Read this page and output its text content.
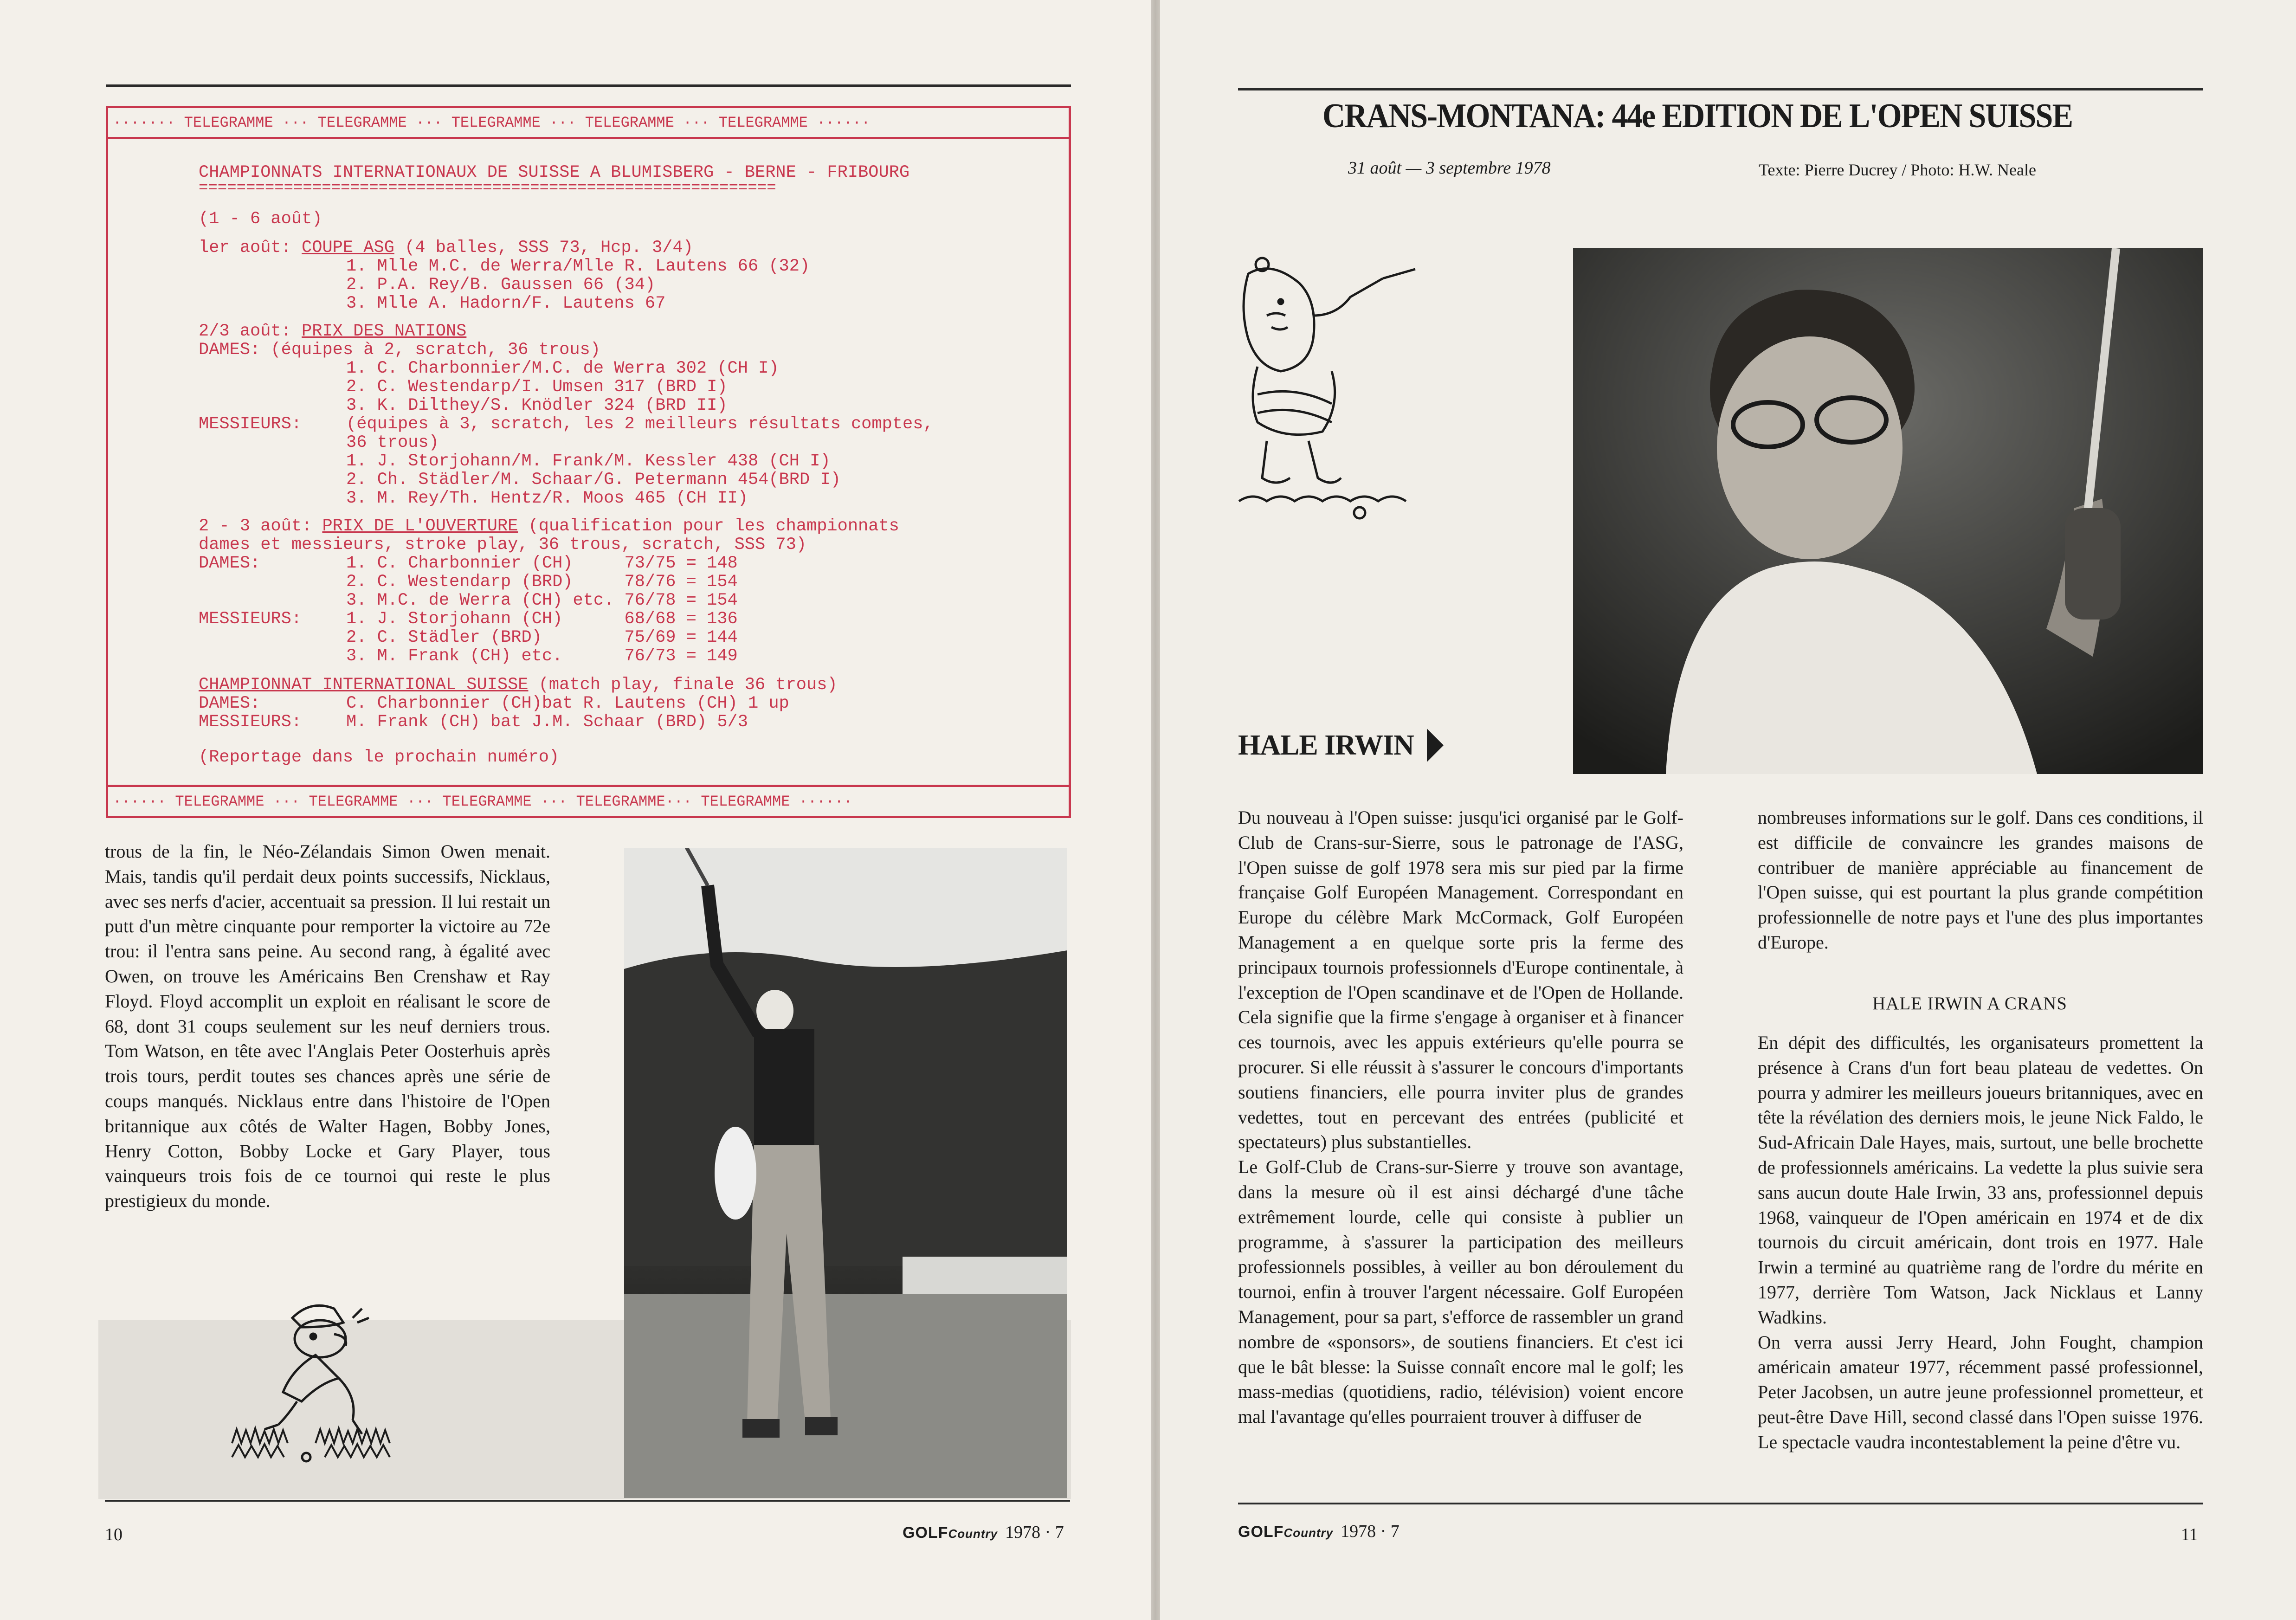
······· TELEGRAMME ··· TELEGRAMME ··· TELEGRAMME ··· TELEGRAMME ··· TELEGRAMME ······
CHAMPIONNATS INTERNATIONAUX DE SUISSE A BLUMISBERG - BERNE - FRIBOURG
=============================================================
(1 - 6 août)
ler août: COUPE ASG (4 balles, SSS 73, Hcp. 3/4)
1. Mlle M.C. de Werra/Mlle R. Lautens 66 (32)
2. P.A. Rey/B. Gaussen 66 (34)
3. Mlle A. Hadorn/F. Lautens 67
2/3 août: PRIX DES NATIONS
DAMES: (équipes à 2, scratch, 36 trous)
1. C. Charbonnier/M.C. de Werra 302 (CH I)
2. C. Westendarp/I. Umsen 317 (BRD I)
3. K. Dilthey/S. Knödler 324 (BRD II)
MESSIEURS:	(équipes à 3, scratch, les 2 meilleurs résultats comptes,
36 trous)
1. J. Storjohann/M. Frank/M. Kessler 438 (CH I)
2. Ch. Städler/M. Schaar/G. Petermann 454(BRD I)
3. M. Rey/Th. Hentz/R. Moos 465 (CH II)
2 - 3 août: PRIX DE L'OUVERTURE (qualification pour les championnats
dames et messieurs, stroke play, 36 trous, scratch, SSS 73)
DAMES:	1. C. Charbonnier (CH)     73/75 = 148
2. C. Westendarp (BRD)     78/76 = 154
3. M.C. de Werra (CH) etc. 76/78 = 154
MESSIEURS:	1. J. Storjohann (CH)      68/68 = 136
2. C. Städler (BRD)        75/69 = 144
3. M. Frank (CH) etc.      76/73 = 149
CHAMPIONNAT INTERNATIONAL SUISSE (match play, finale 36 trous)
DAMES:	C. Charbonnier (CH)bat R. Lautens (CH) 1 up
MESSIEURS:	M. Frank (CH) bat J.M. Schaar (BRD) 5/3
(Reportage dans le prochain numéro)
······ TELEGRAMME ··· TELEGRAMME ··· TELEGRAMME ··· TELEGRAMME··· TELEGRAMME ······

trous de la fin, le Néo-Zélandais Simon Owen menait. Mais, tandis qu'il perdait deux points successifs, Nicklaus, avec ses nerfs d'acier, accentuait sa pression. Il lui restait un putt d'un mètre cinquante pour remporter la victoire au 72e trou: il l'entra sans peine. Au second rang, à égalité avec Owen, on trouve les Américains Ben Crenshaw et Ray Floyd. Floyd accomplit un exploit en réalisant le score de 68, dont 31 coups seulement sur les neuf derniers trous. Tom Watson, en tête avec l'Anglais Peter Oosterhuis après trois tours, perdit toutes ses chances après une série de coups manqués. Nicklaus entre dans l'histoire de l'Open britannique aux côtés de Walter Hagen, Bobby Jones, Henry Cotton, Bobby Locke et Gary Player, tous vainqueurs trois fois de ce tournoi qui reste le plus prestigieux du monde.

10	GOLFCountry 1978 · 7
CRANS-MONTANA: 44e EDITION DE L'OPEN SUISSE
31 août — 3 septembre 1978	Texte: Pierre Ducrey / Photo: H.W. Neale
HALE IRWIN

Du nouveau à l'Open suisse: jusqu'ici organisé par le Golf-Club de Crans-sur-Sierre, sous le patronage de l'ASG, l'Open suisse de golf 1978 sera mis sur pied par la firme française Golf Européen Management. Correspondant en Europe du célèbre Mark McCormack, Golf Européen Management a en quelque sorte pris la ferme des principaux tournois professionnels d'Europe continentale, à l'exception de l'Open scandinave et de l'Open de Hollande. Cela signifie que la firme s'engage à organiser et à financer ces tournois, avec les appuis extérieurs qu'elle pourra se procurer. Si elle réussit à s'assurer le concours d'importants soutiens financiers, elle pourra inviter plus de grandes vedettes, tout en percevant des entrées (publicité et spectateurs) plus substantielles.

Le Golf-Club de Crans-sur-Sierre y trouve son avantage, dans la mesure où il est ainsi déchargé d'une tâche extrêmement lourde, celle qui consiste à publier un programme, à s'assurer la participation des meilleurs professionnels possibles, à veiller au bon déroulement du tournoi, enfin à trouver l'argent nécessaire. Golf Européen Management, pour sa part, s'efforce de rassembler un grand nombre de «sponsors», de soutiens financiers. Et c'est ici que le bât blesse: la Suisse connaît encore mal le golf; les mass-medias (quotidiens, radio, télévision) voient encore mal l'avantage qu'elles pourraient trouver à diffuser de

nombreuses informations sur le golf. Dans ces conditions, il est difficile de convaincre les grandes maisons de contribuer de manière appréciable au financement de l'Open suisse, qui est pourtant la plus grande compétition professionnelle de notre pays et l'une des plus importantes d'Europe.

HALE IRWIN A CRANS

En dépit des difficultés, les organisateurs promettent la présence à Crans d'un fort beau plateau de vedettes. On pourra y admirer les meilleurs joueurs britanniques, avec en tête la révélation des derniers mois, le jeune Nick Faldo, le Sud-Africain Dale Hayes, mais, surtout, une belle brochette de professionnels américains. La vedette la plus suivie sera sans aucun doute Hale Irwin, 33 ans, professionnel depuis 1968, vainqueur de l'Open américain en 1974 et de dix tournois du circuit américain, dont trois en 1977. Hale Irwin a terminé au quatrième rang de l'ordre du mérite en 1977, derrière Tom Watson, Jack Nicklaus et Lanny Wadkins.

On verra aussi Jerry Heard, John Fought, champion américain amateur 1977, récemment passé professionnel, Peter Jacobsen, un autre jeune professionnel prometteur, et peut-être Dave Hill, second classé dans l'Open suisse 1976. Le spectacle vaudra incontestablement la peine d'être vu.

GOLFCountry 1978 · 7	11
